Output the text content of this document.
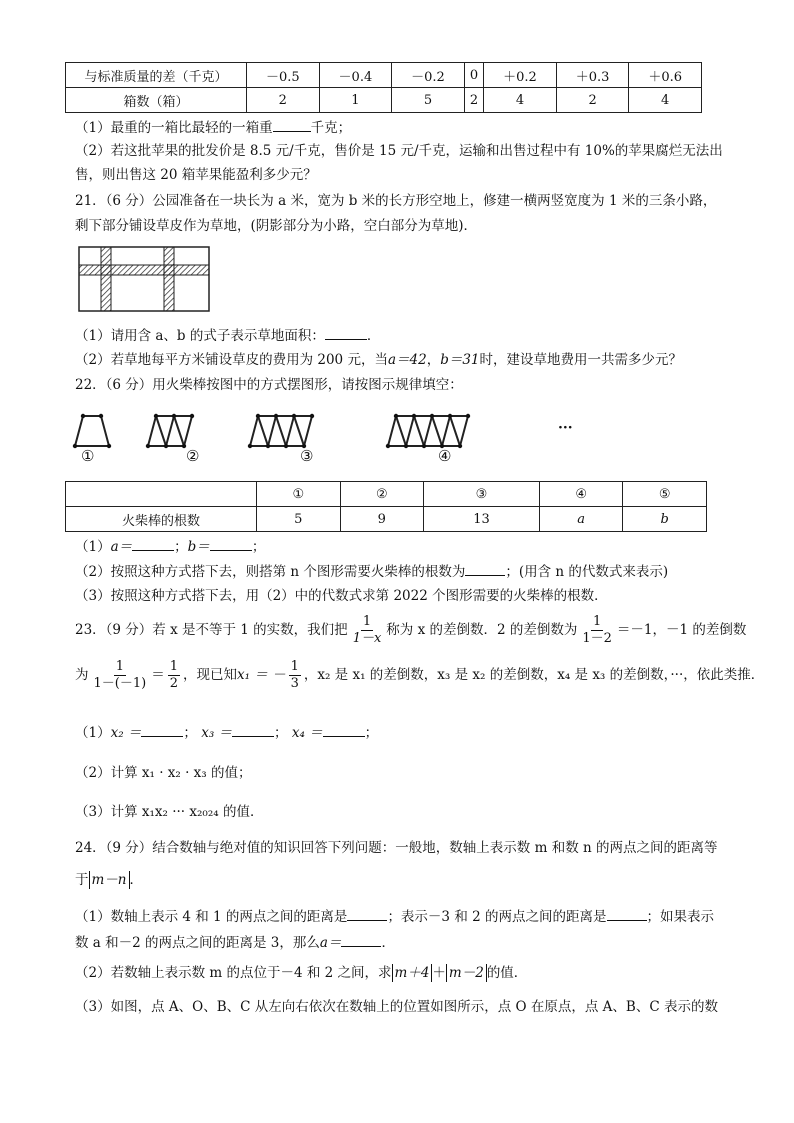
与标准质量的差（千克）	－0.5	－0.4	－0.2	0	＋0.2	＋0.3	＋0.6
箱数（箱）	2	1	5	2	4	2	4
（1）最重的一箱比最轻的一箱重	千克；
（2）若这批苹果的批发价是 8.5 元/千克，售价是 15 元/千克，运输和出售过程中有 10%的苹果腐烂无法出
售，则出售这 20 箱苹果能盈利多少元？
21．（6 分）公园准备在一块长为 a 米，宽为 b 米的长方形空地上，修建一横两竖宽度为 1 米的三条小路，
剩下部分铺设草皮作为草地，(阴影部分为小路，空白部分为草地)．
（1）请用含 a、b 的式子表示草地面积：	．
（2）若草地每平方米铺设草皮的费用为 200 元，当a＝42，b＝31时，建设草地费用一共需多少元？
22．（6 分）用火柴棒按图中的方式摆图形，请按图示规律填空：
①	②	③	④
···
	①	②	③	④	⑤
火柴棒的根数	5	9	13	a	b
（1）a＝	；b＝	；
（2）按照这种方式搭下去，则搭第 n 个图形需要火柴棒的根数为	；(用含 n 的代数式来表示)
（3）按照这种方式搭下去，用（2）中的代数式求第 2022 个图形需要的火柴棒的根数．
23．（9 分）若 x 是不等于 1 的实数，我们把 $\frac{1}{1-x}$ 称为 x 的差倒数．2 的差倒数为 $\frac{1}{1-2} =-1$，－1 的差倒数
为 $\frac{1}{1-(-1)} = \frac{1}{2}$ ，现已知x₁ ＝ － $\frac{1}{3}$ ，x₂ 是 x₁ 的差倒数，x₃ 是 x₂ 的差倒数，x₄ 是 x₃ 的差倒数，···，依此类推．
（1）x₂ ＝	； x₃ ＝	； x₄ ＝	；
（2）计算 x₁ · x₂ · x₃ 的值；
（3）计算 x₁x₂ ··· x₂₀₂₄ 的值．
24．（9 分）结合数轴与绝对值的知识回答下列问题：一般地，数轴上表示数 m 和数 n 的两点之间的距离等
于 m－n ．
（1）数轴上表示 4 和 1 的两点之间的距离是	；表示－3 和 2 的两点之间的距离是	；如果表示
数 a 和－2 的两点之间的距离是 3，那么a＝	．
（2）若数轴上表示数 m 的点位于－4 和 2 之间，求 m＋4 ＋ m－2 的值．
（3）如图，点 A、O、B、C 从左向右依次在数轴上的位置如图所示，点 O 在原点，点 A、B、C 表示的数
